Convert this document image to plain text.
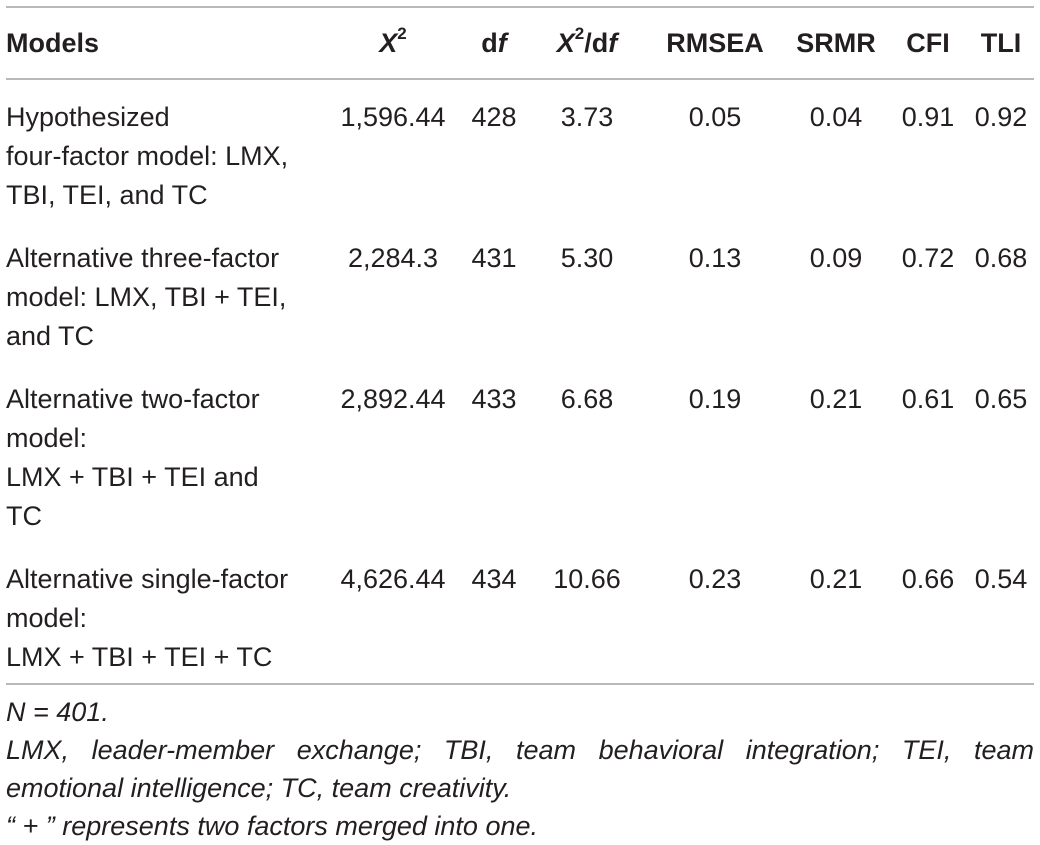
Models	$X^2$	df	$X^2/df$	RMSEA	SRMR	CFI	TLI

Hypothesized
four-factor model: LMX,
TBI, TEI, and TC	1,596.44	428	3.73	0.05	0.04	0.91	0.92
Alternative three-factor
model: LMX, TBI + TEI,
and TC	2,284.3	431	5.30	0.13	0.09	0.72	0.68
Alternative two-factor
model:
LMX + TBI + TEI and
TC	2,892.44	433	6.68	0.19	0.21	0.61	0.65
Alternative single-factor
model:
LMX + TBI + TEI + TC	4,626.44	434	10.66	0.23	0.21	0.66	0.54

N = 401.

LMX, leader-member exchange; TBI, team behavioral integration; TEI, team emotional intelligence; TC, team creativity.

“ + ” represents two factors merged into one.
